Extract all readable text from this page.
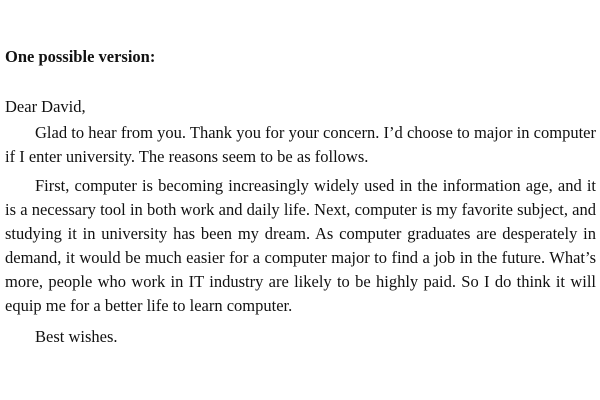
One possible version:
Dear David,

Glad to hear from you. Thank you for your concern. I’d choose to major in computer if I enter university. The reasons seem to be as follows.

First, computer is becoming increasingly widely used in the information age, and it is a necessary tool in both work and daily life. Next, computer is my favorite subject, and studying it in university has been my dream. As computer graduates are desperately in demand, it would be much easier for a computer major to find a job in the future. What’s more, people who work in IT industry are likely to be highly paid. So I do think it will equip me for a better life to learn computer.

Best wishes.
